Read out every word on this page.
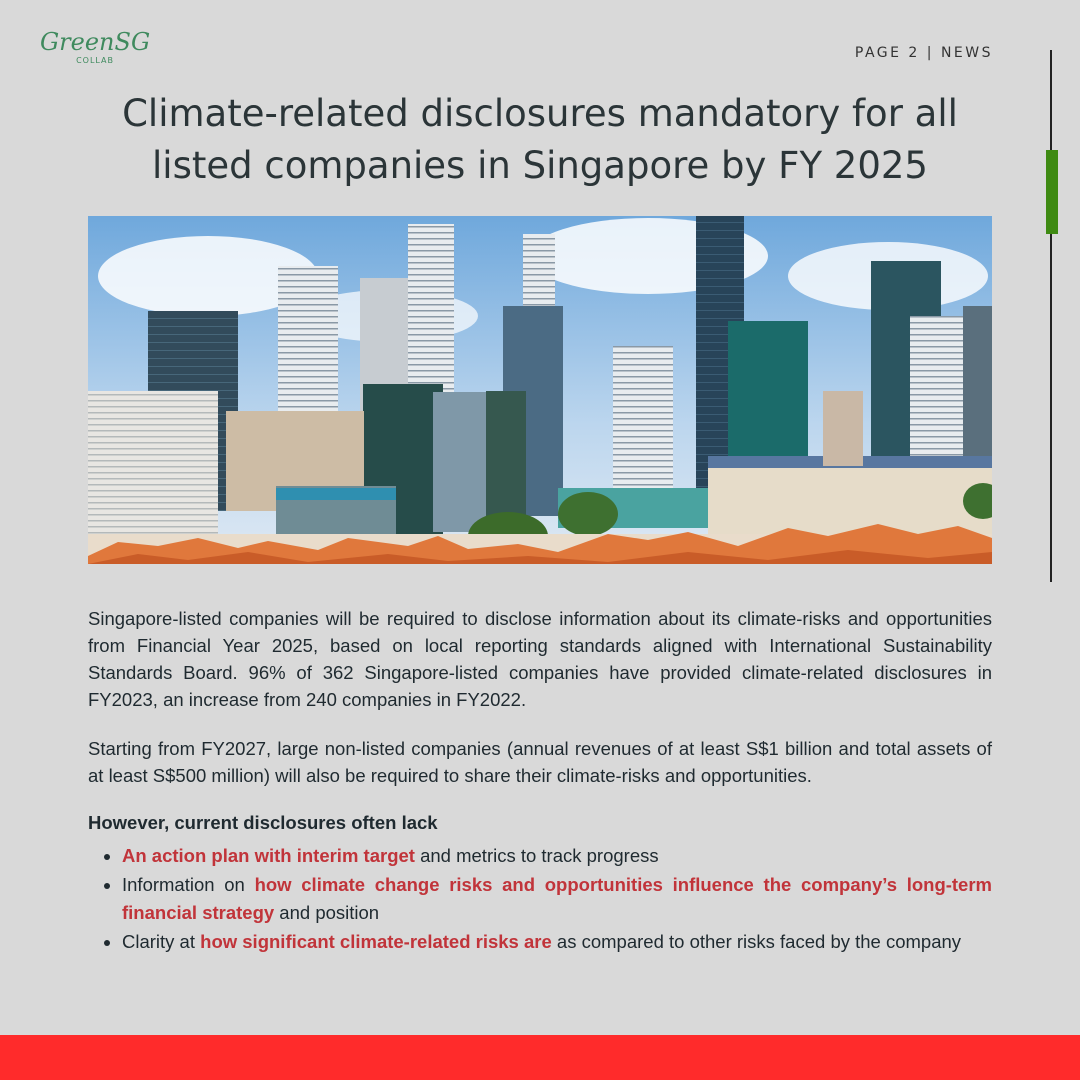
GreenSG
COLLAB	PAGE 2 | NEWS
Climate-related disclosures mandatory for all listed companies in Singapore by FY 2025

Singapore-listed companies will be required to disclose information about its climate-risks and opportunities from Financial Year 2025, based on local reporting standards aligned with International Sustainability Standards Board. 96% of 362 Singapore-listed companies have provided climate-related disclosures in FY2023, an increase from 240 companies in FY2022.

Starting from FY2027, large non-listed companies (annual revenues of at least S$1 billion and total assets of at least S$500 million) will also be required to share their climate-risks and opportunities.

However, current disclosures often lack

• An action plan with interim target and metrics to track progress
• Information on how climate change risks and opportunities influence the company’s long-term financial strategy and position
• Clarity at how significant climate-related risks are as compared to other risks faced by the company
